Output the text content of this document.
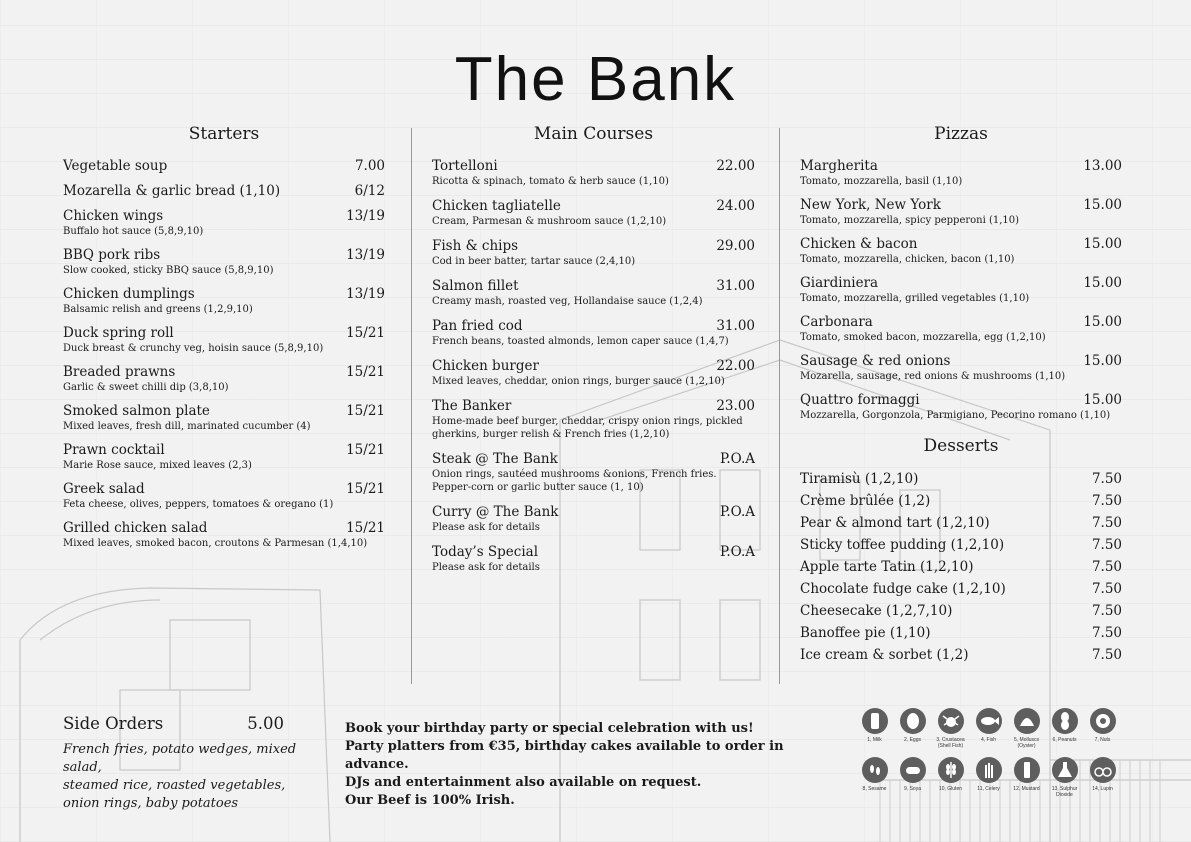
The Bank
Starters
Vegetable soup	7.00
Mozarella & garlic bread (1,10)	6/12
Chicken wings	13/19
Buffalo hot sauce (5,8,9,10)
BBQ pork ribs	13/19
Slow cooked, sticky BBQ sauce (5,8,9,10)
Chicken dumplings	13/19
Balsamic relish and greens (1,2,9,10)
Duck spring roll	15/21
Duck breast & crunchy veg, hoisin sauce (5,8,9,10)
Breaded prawns	15/21
Garlic & sweet chilli dip (3,8,10)
Smoked salmon plate	15/21
Mixed leaves, fresh dill, marinated cucumber (4)
Prawn cocktail	15/21
Marie Rose sauce, mixed leaves (2,3)
Greek salad	15/21
Feta cheese, olives, peppers, tomatoes & oregano (1)
Grilled chicken salad	15/21
Mixed leaves, smoked bacon, croutons & Parmesan (1,4,10)
Main Courses
Tortelloni	22.00
Ricotta & spinach, tomato & herb sauce (1,10)
Chicken tagliatelle	24.00
Cream, Parmesan & mushroom sauce (1,2,10)
Fish & chips	29.00
Cod in beer batter, tartar sauce (2,4,10)
Salmon fillet	31.00
Creamy mash, roasted veg, Hollandaise sauce (1,2,4)
Pan fried cod	31.00
French beans, toasted almonds, lemon caper sauce (1,4,7)
Chicken burger	22.00
Mixed leaves, cheddar, onion rings, burger sauce (1,2,10)
The Banker	23.00
Home-made beef burger, cheddar, crispy onion rings, pickled gherkins, burger relish & French fries (1,2,10)
Steak @ The Bank	P.O.A
Onion rings, sautéed mushrooms &onions, French fries. Pepper-corn or garlic butter sauce (1, 10)
Curry @ The Bank	P.O.A
Please ask for details
Today’s Special	P.O.A
Please ask for details
Pizzas
Margherita	13.00
Tomato, mozzarella, basil (1,10)
New York, New York	15.00
Tomato, mozzarella, spicy pepperoni (1,10)
Chicken & bacon	15.00
Tomato, mozzarella, chicken, bacon (1,10)
Giardiniera	15.00
Tomato, mozzarella, grilled vegetables (1,10)
Carbonara	15.00
Tomato, smoked bacon, mozzarella, egg (1,2,10)
Sausage & red onions	15.00
Mozarella, sausage, red onions & mushrooms (1,10)
Quattro formaggi	15.00
Mozzarella, Gorgonzola, Parmigiano, Pecorino romano (1,10)
Desserts
Tiramisù (1,2,10)	7.50
Crème brûlée (1,2)	7.50
Pear & almond tart (1,2,10)	7.50
Sticky toffee pudding (1,2,10)	7.50
Apple tarte Tatin (1,2,10)	7.50
Chocolate fudge cake (1,2,10)	7.50
Cheesecake (1,2,7,10)	7.50
Banoffee pie (1,10)	7.50
Ice cream & sorbet (1,2)	7.50
Side Orders	5.00
French fries, potato wedges, mixed salad,
steamed rice, roasted vegetables,
onion rings, baby potatoes
Book your birthday party or special celebration with us!
Party platters from €35, birthday cakes available to order in advance.
DJs and entertainment also available on request.
Our Beef is 100% Irish.
1, Milk	2, Eggs	3, Crustacea (Shell Fish)
4, Fish	5, Molluscs (Oyster)
6, Peanuts	7, Nuts
8, Sesame	9, Soya	10, Gluten	11, Celery	12, Mustard	13, Sulphur Dioxide
14, Lupin
